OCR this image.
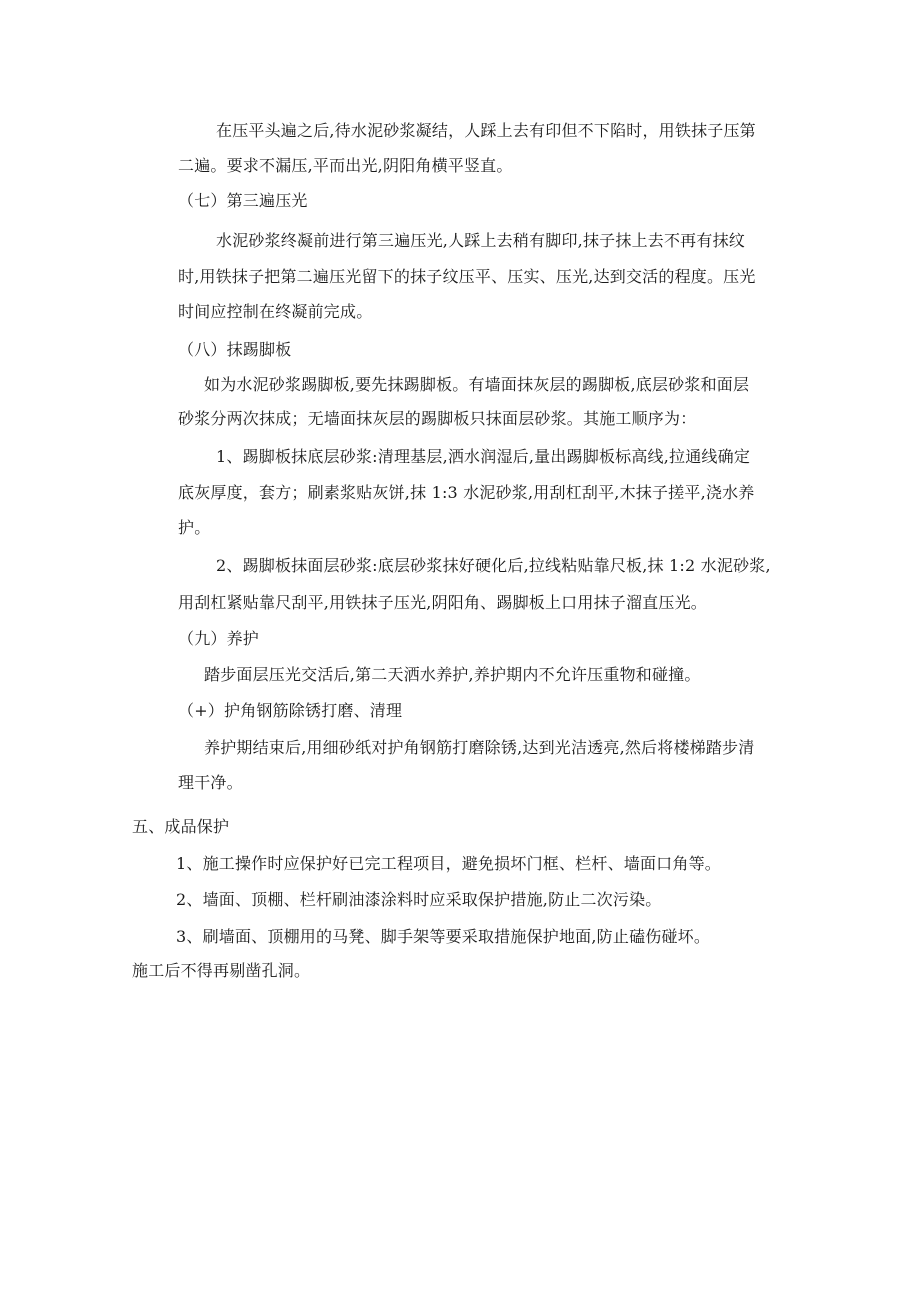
在压平头遍之后,待水泥砂浆凝结，人踩上去有印但不下陷时，用铁抹子压第
二遍。要求不漏压,平而出光,阴阳角横平竖直。
（七）第三遍压光
水泥砂浆终凝前进行第三遍压光,人踩上去稍有脚印,抹子抹上去不再有抹纹
时,用铁抹子把第二遍压光留下的抹子纹压平、压实、压光,达到交活的程度。压光
时间应控制在终凝前完成。
（八）抹踢脚板
如为水泥砂浆踢脚板,要先抹踢脚板。有墙面抹灰层的踢脚板,底层砂浆和面层
砂浆分两次抹成；无墙面抹灰层的踢脚板只抹面层砂浆。其施工顺序为：
1、踢脚板抹底层砂浆:清理基层,洒水润湿后,量出踢脚板标高线,拉通线确定
底灰厚度，套方；刷素浆贴灰饼,抹 1:3 水泥砂浆,用刮杠刮平,木抹子搓平,浇水养
护。
2、踢脚板抹面层砂浆:底层砂浆抹好硬化后,拉线粘贴靠尺板,抹 1:2 水泥砂浆,
用刮杠紧贴靠尺刮平,用铁抹子压光,阴阳角、踢脚板上口用抹子溜直压光。
（九）养护
踏步面层压光交活后,第二天洒水养护,养护期内不允许压重物和碰撞。
（+）护角钢筋除锈打磨、清理
养护期结束后,用细砂纸对护角钢筋打磨除锈,达到光洁透亮,然后将楼梯踏步清
理干净。
五、成品保护
1、施工操作时应保护好已完工程项目，避免损坏门框、栏杆、墙面口角等。
2、墙面、顶棚、栏杆刷油漆涂料时应采取保护措施,防止二次污染。
3、刷墙面、顶棚用的马凳、脚手架等要采取措施保护地面,防止磕伤碰坏。
施工后不得再剔凿孔洞。
